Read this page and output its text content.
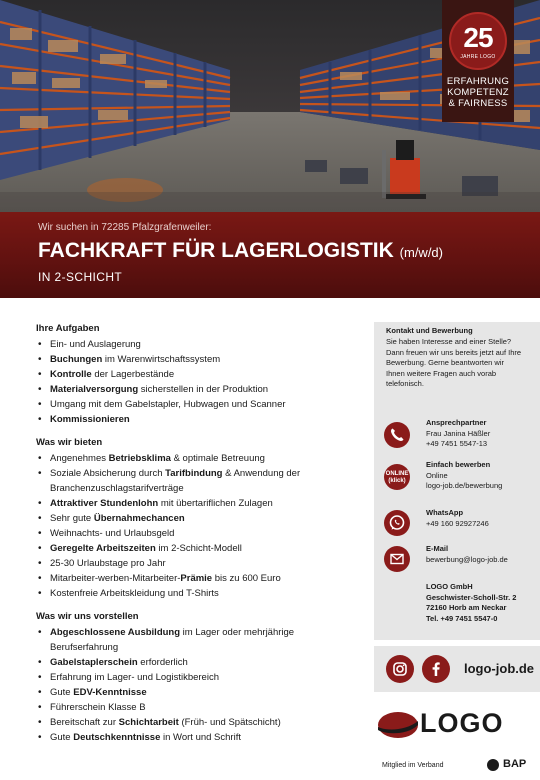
25
JAHRE LOGO
ERFAHRUNG
KOMPETENZ
& FAIRNESS
Wir suchen in 72285 Pfalzgrafenweiler:
FACHKRAFT FÜR LAGERLOGISTIK (m/w/d)
IN 2-SCHICHT
Ihre Aufgaben
• Ein- und Auslagerung
• Buchungen im Warenwirtschaftssystem
• Kontrolle der Lagerbestände
• Materialversorgung sicherstellen in der Produktion
• Umgang mit dem Gabelstapler, Hubwagen und Scanner
• Kommissionieren
Was wir bieten
• Angenehmes Betriebsklima & optimale Betreuung
• Soziale Absicherung durch Tarifbindung & Anwendung der Branchenzuschlagstarifverträge
• Attraktiver Stundenlohn mit übertariflichen Zulagen
• Sehr gute Übernahmechancen
• Weihnachts- und Urlaubsgeld
• Geregelte Arbeitszeiten im 2-Schicht-Modell
• 25-30 Urlaubstage pro Jahr
• Mitarbeiter-werben-Mitarbeiter-Prämie bis zu 600 Euro
• Kostenfreie Arbeitskleidung und T-Shirts
Was wir uns vorstellen
• Abgeschlossene Ausbildung im Lager oder mehrjährige Berufserfahrung
• Gabelstaplerschein erforderlich
• Erfahrung im Lager- und Logistikbereich
• Gute EDV-Kenntnisse
• Führerschein Klasse B
• Bereitschaft zur Schichtarbeit (Früh- und Spätschicht)
• Gute Deutschkenntnisse in Wort und Schrift
Kontakt und Bewerbung
Sie haben Interesse and einer Stelle? Dann freuen wir uns bereits jetzt auf Ihre Bewerbung. Gerne beantworten wir Ihnen weitere Fragen auch vorab telefonisch.
Ansprechpartner
Frau Janina Häßler
+49 7451 5547-13
ONLINE
(klick)
Einfach bewerben
Online
logo-job.de/bewerbung
WhatsApp
+49 160 92927246
E-Mail
bewerbung@logo-job.de
LOGO GmbH
Geschwister-Scholl-Str. 2
72160 Horb am Neckar
Tel. +49 7451 5547-0
logo-job.de
LOGO
Mitglied im Verband	BAP
